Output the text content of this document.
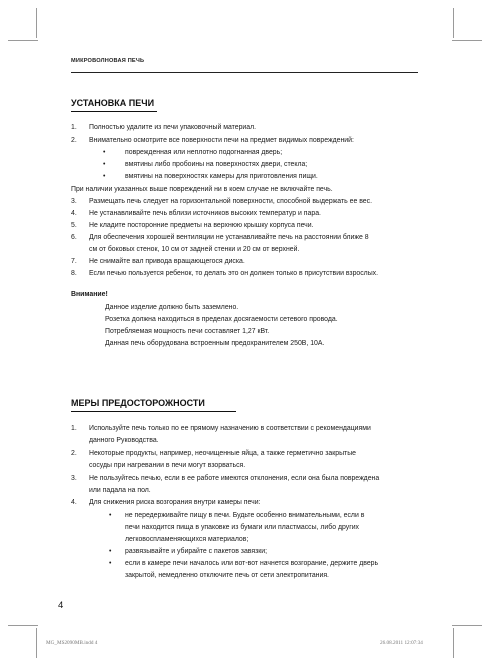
МИКРОВОЛНОВАЯ ПЕЧЬ
УСТАНОВКА ПЕЧИ
1. Полностью удалите из печи упаковочный материал.
2. Внимательно осмотрите все поверхности печи на предмет видимых повреждений:
•	поврежденная или неплотно подогнанная дверь;
•	вмятины либо пробоины на поверхностях двери, стекла;
•	вмятины на поверхностях камеры для приготовления пищи.
При наличии указанных выше повреждений ни в коем случае не включайте печь.
3. Размещать печь следует на горизонтальной поверхности, способной выдержать ее вес.
4. Не устанавливайте печь вблизи источников высоких температур и пара.
5. Не кладите посторонние предметы на верхнюю крышку корпуса печи.
6. Для обеспечения хорошей вентиляции не устанавливайте печь на расстоянии ближе 8
см от боковых стенок, 10 см от задней стенки и 20 см от верхней.
7. Не снимайте вал привода вращающегося диска.
8. Если печью пользуется ребенок, то делать это он должен только в присутствии взрослых.
Внимание!
Данное изделие должно быть заземлено.
Розетка должна находиться в пределах досягаемости сетевого провода.
Потребляемая мощность печи составляет 1,27 кВт.
Данная печь оборудована встроенным предохранителем 250В, 10А.
МЕРЫ ПРЕДОСТОРОЖНОСТИ
1. Используйте печь только по ее прямому назначению в соответствии с рекомендациями
данного Руководства.
2. Некоторые продукты, например, неочищенные яйца, а также герметично закрытые
сосуды при нагревании в печи могут взорваться.
3. Не пользуйтесь печью, если в ее работе имеются отклонения, если она была повреждена
или падала на пол.
4. Для снижения риска возгорания внутри камеры печи:
• не передерживайте пищу в печи. Будьте особенно внимательными, если в
печи находится пища в упаковке из бумаги или пластмассы, либо других
легковоспламеняющихся материалов;
• развязывайте и убирайте с пакетов завязки;
• если в камере печи началось или вот-вот начнется возгорание, держите дверь
закрытой, немедленно отключите печь от сети электропитания.
4
MG_MS2090MB.indd 4	26.08.2011 12:07:34
